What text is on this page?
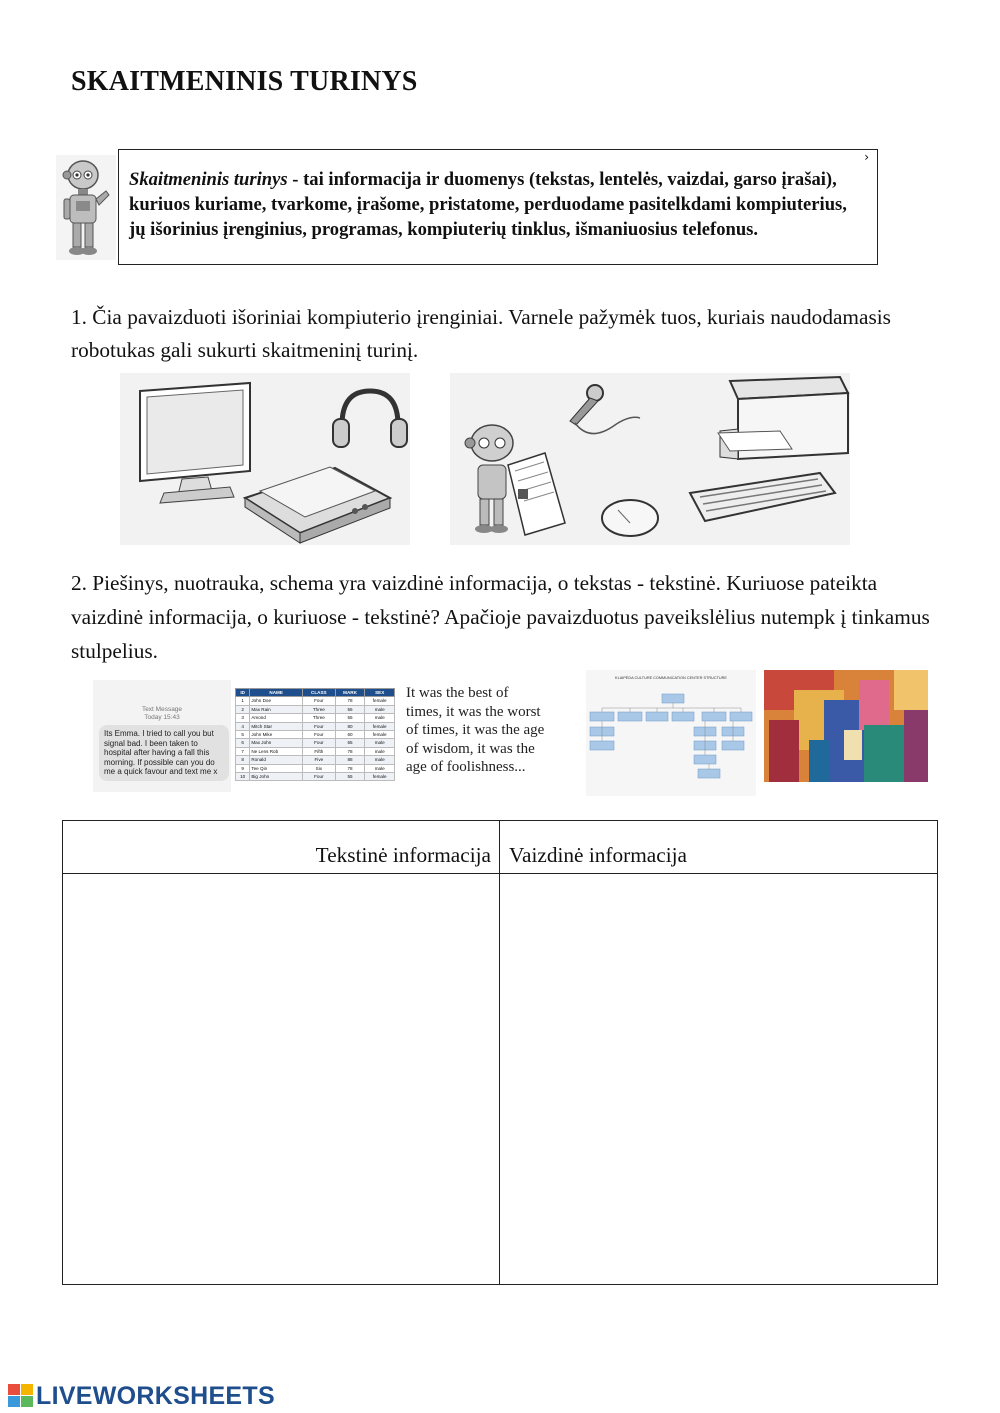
SKAITMENINIS TURINYS
›
Skaitmeninis turinys - tai informacija ir duomenys (tekstas, lentelės, vaizdai, garso įrašai), kuriuos kuriame, tvarkome, įrašome, pristatome, perduodame pasitelkdami kompiuterius, jų išorinius įrenginius, programas, kompiuterių tinklus, išmaniuosius telefonus.
1. Čia pavaizduoti išoriniai kompiuterio įrenginiai. Varnele pažymėk tuos, kuriais naudodamasis robotukas gali sukurti skaitmeninį turinį.
2. Piešinys, nuotrauka, schema yra vaizdinė informacija, o tekstas - tekstinė. Kuriuose pateikta vaizdinė informacija, o kuriuose - tekstinė? Apačioje pavaizduotus paveikslėlius nutempk į tinkamus stulpelius.
Text Message
Today 15:43
Its Emma. I tried to call you but signal bad. I been taken to hospital after having a fall this morning. If possible can you do me a quick favour and text me x
ID	NAME	CLASS	MARK	SEX
1	John Doe	Four	78	female
2	Max Rain	Three	55	male
3	Amond	Three	55	male
4	Mitch Star	Four	80	female
5	John Mike	Four	60	female
6	Max John	Four	65	male
7	Ne Lens Rob	Fifth	78	male
8	Ronald	Five	88	male
9	Tee Qin	Six	78	male
10	Big John	Four	55	female
It was the best of
times, it was the worst
of times, it was the age
of wisdom, it was the
age of foolishness...
KLAIPĖDA CULTURE COMMUNICATION CENTER STRUCTURE
Tekstinė informacija Vaizdinė informacija
LIVEWORKSHEETS
